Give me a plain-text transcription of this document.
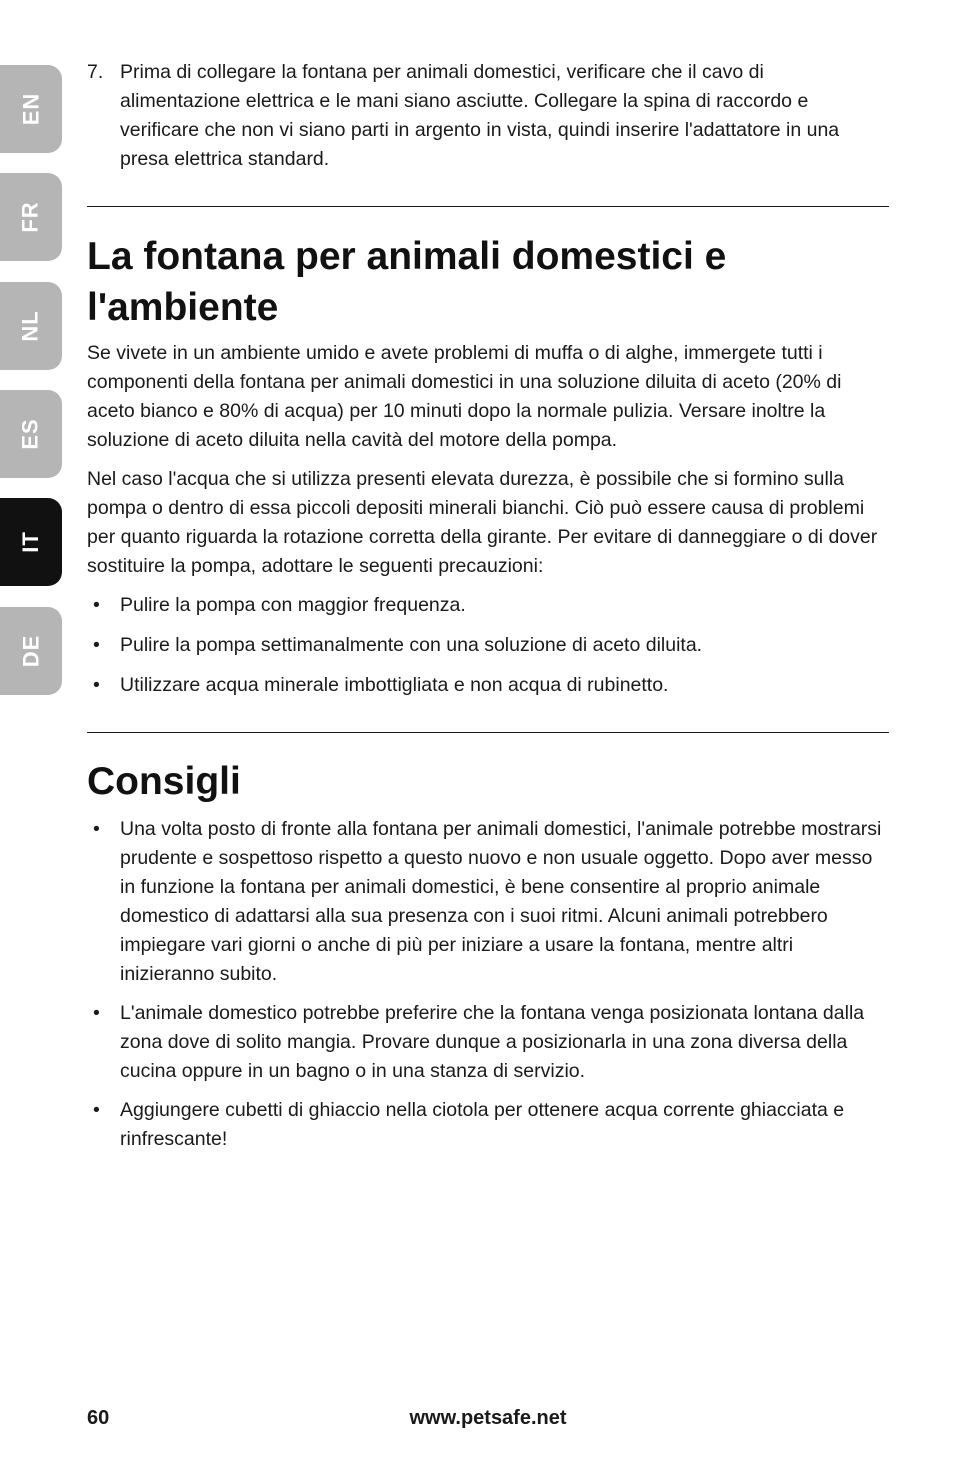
EN
FR
NL
ES
IT
DE

7. Prima di collegare la fontana per animali domestici, verificare che il cavo di alimentazione elettrica e le mani siano asciutte. Collegare la spina di raccordo e verificare che non vi siano parti in argento in vista, quindi inserire l'adattatore in una presa elettrica standard.

La fontana per animali domestici e l'ambiente

Se vivete in un ambiente umido e avete problemi di muffa o di alghe, immergete tutti i componenti della fontana per animali domestici in una soluzione diluita di aceto (20% di aceto bianco e 80% di acqua) per 10 minuti dopo la normale pulizia. Versare inoltre la soluzione di aceto diluita nella cavità del motore della pompa.

Nel caso l'acqua che si utilizza presenti elevata durezza, è possibile che si formino sulla pompa o dentro di essa piccoli depositi minerali bianchi. Ciò può essere causa di problemi per quanto riguarda la rotazione corretta della girante. Per evitare di danneggiare o di dover sostituire la pompa, adottare le seguenti precauzioni:

• Pulire la pompa con maggior frequenza.
• Pulire la pompa settimanalmente con una soluzione di aceto diluita.
• Utilizzare acqua minerale imbottigliata e non acqua di rubinetto.
Consigli
• Una volta posto di fronte alla fontana per animali domestici, l'animale potrebbe mostrarsi prudente e sospettoso rispetto a questo nuovo e non usuale oggetto. Dopo aver messo in funzione la fontana per animali domestici, è bene consentire al proprio animale domestico di adattarsi alla sua presenza con i suoi ritmi. Alcuni animali potrebbero impiegare vari giorni o anche di più per iniziare a usare la fontana, mentre altri inizieranno subito.
• L'animale domestico potrebbe preferire che la fontana venga posizionata lontana dalla zona dove di solito mangia. Provare dunque a posizionarla in una zona diversa della cucina oppure in un bagno o in una stanza di servizio.
• Aggiungere cubetti di ghiaccio nella ciotola per ottenere acqua corrente ghiacciata e rinfrescante!
60	www.petsafe.net
